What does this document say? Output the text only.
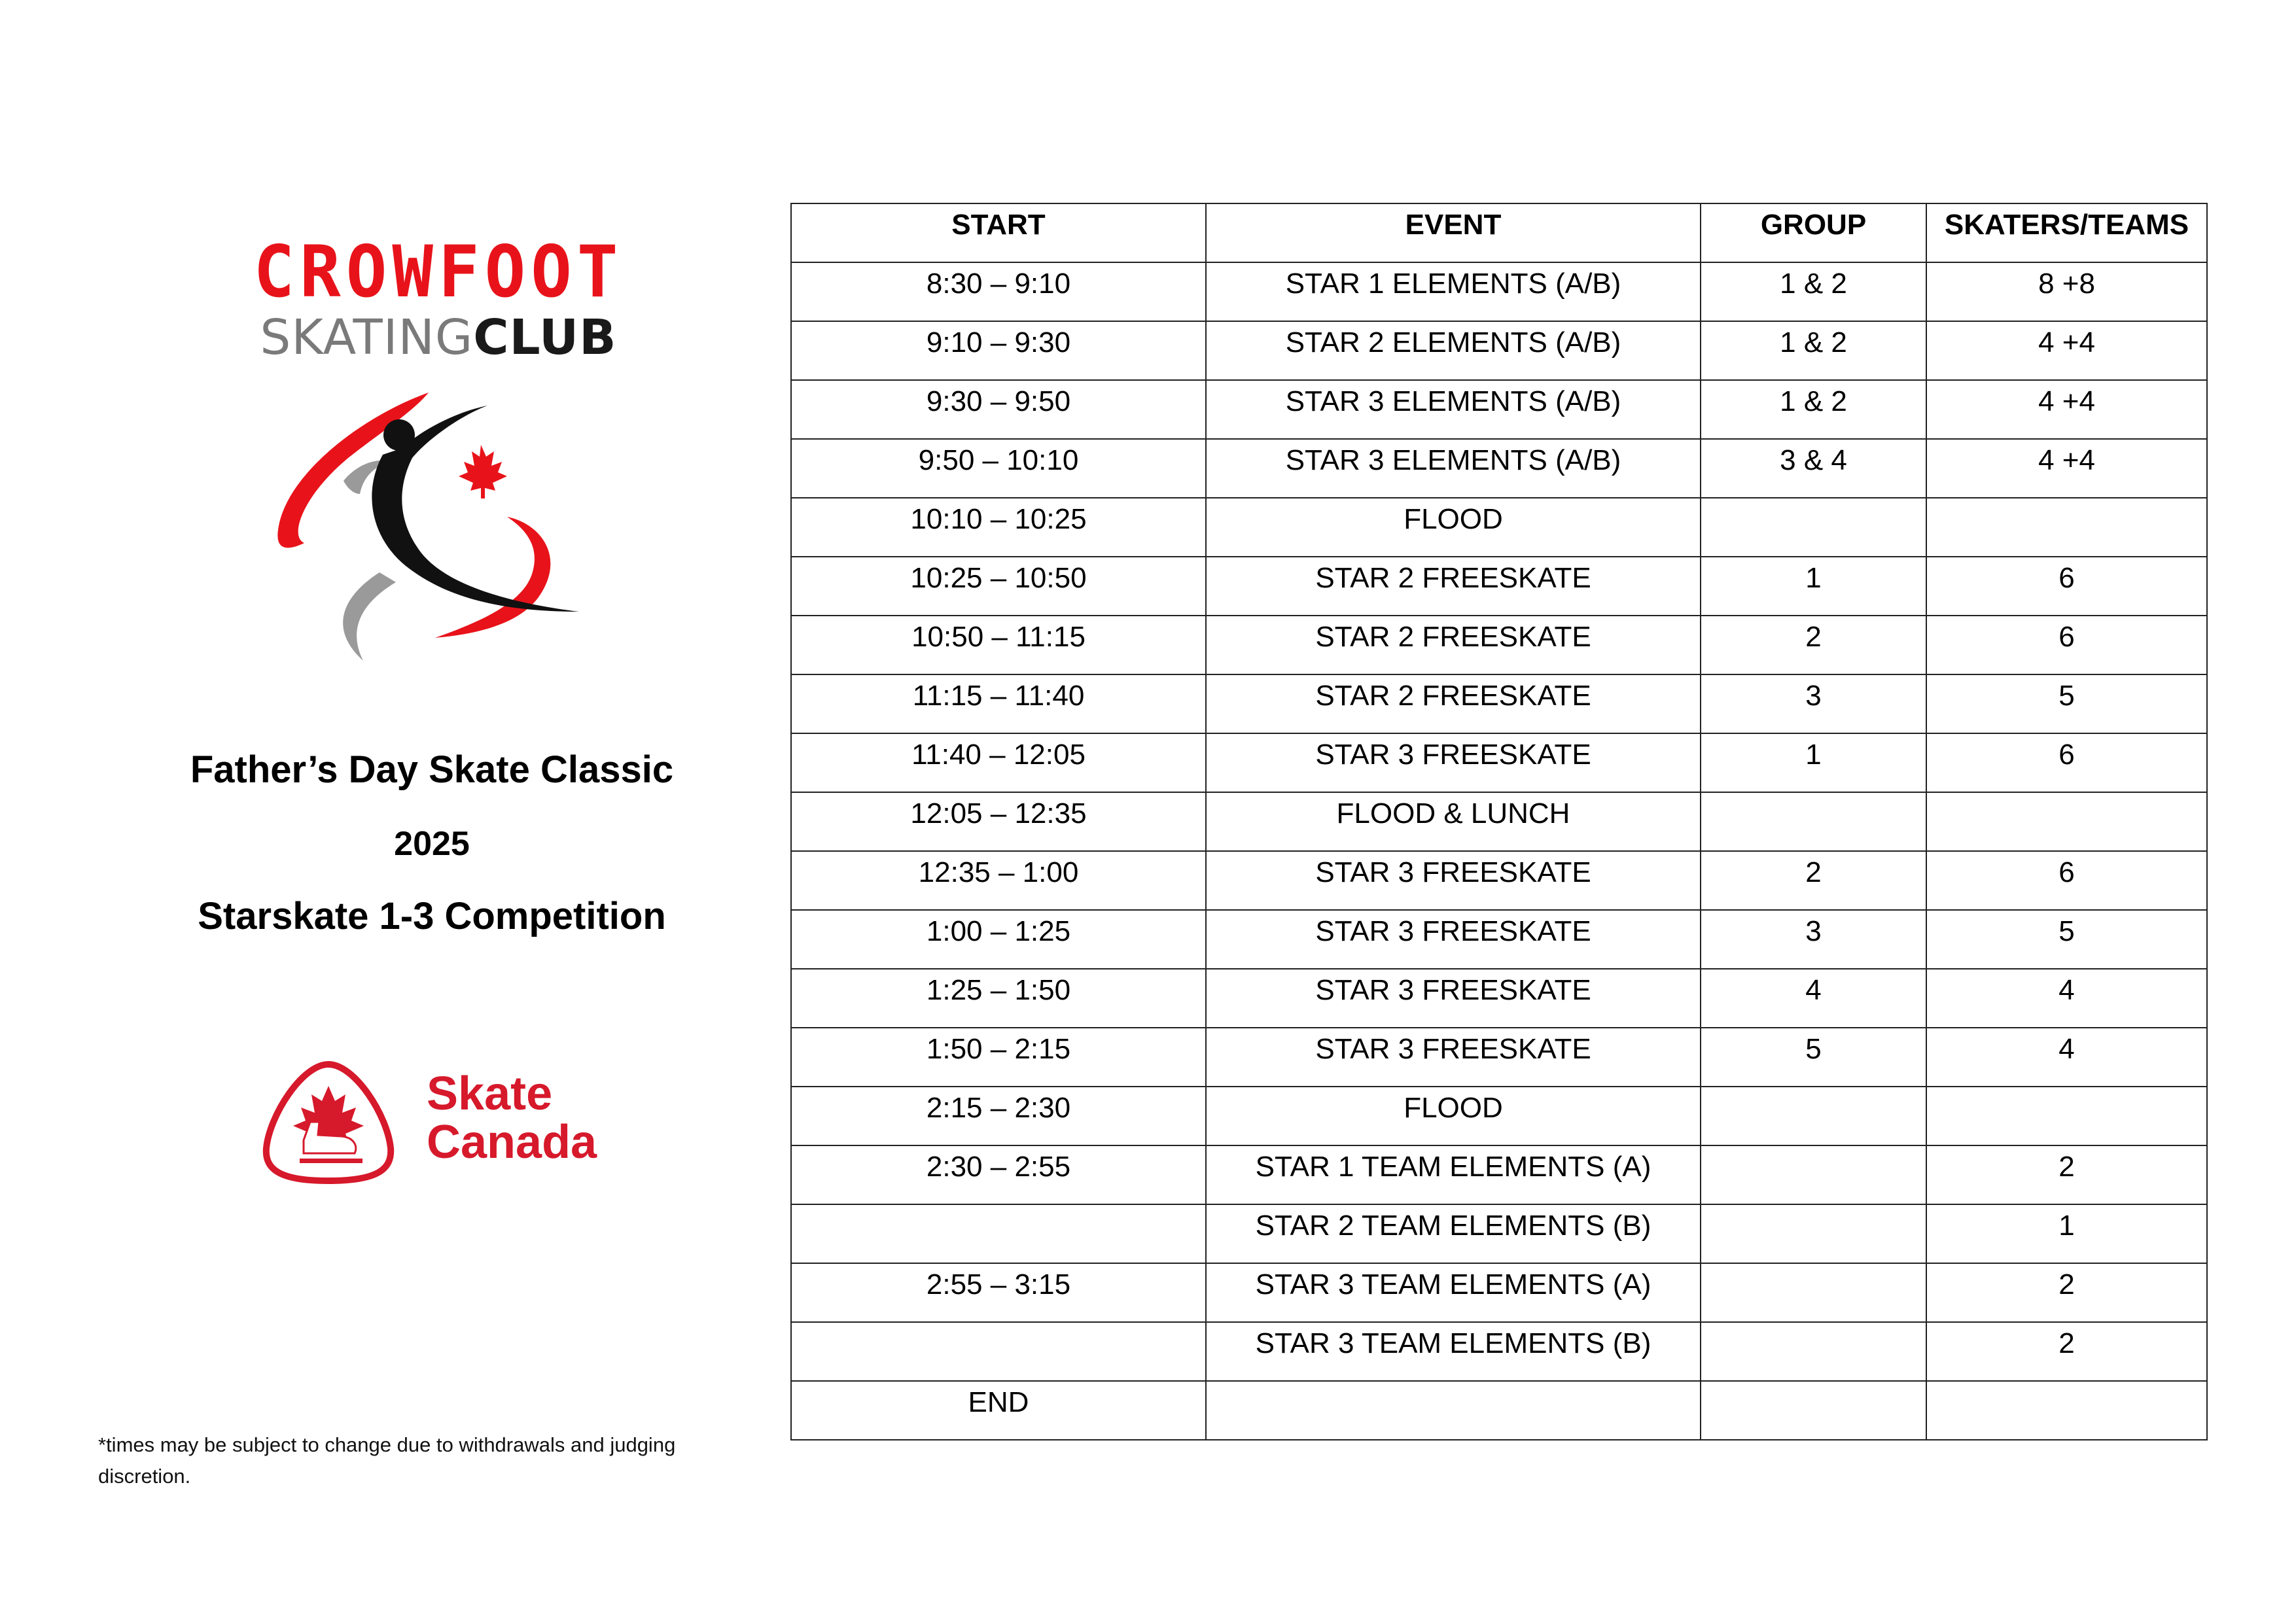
CROWFOOT
SKATINGCLUB
Father’s Day Skate Classic
2025
Starskate 1-3 Competition
Skate
Canada
*times may be subject to change due to withdrawals and judging discretion.
START	EVENT	GROUP	SKATERS/TEAMS
8:30 – 9:10	STAR 1 ELEMENTS (A/B)	1 & 2	8 +8
9:10 – 9:30	STAR 2 ELEMENTS (A/B)	1 & 2	4 +4
9:30 – 9:50	STAR 3 ELEMENTS (A/B)	1 & 2	4 +4
9:50 – 10:10	STAR 3 ELEMENTS (A/B)	3 & 4	4 +4
10:10 – 10:25	FLOOD		
10:25 – 10:50	STAR 2 FREESKATE	1	6
10:50 – 11:15	STAR 2 FREESKATE	2	6
11:15 – 11:40	STAR 2 FREESKATE	3	5
11:40 – 12:05	STAR 3 FREESKATE	1	6
12:05 – 12:35	FLOOD & LUNCH		
12:35 – 1:00	STAR 3 FREESKATE	2	6
1:00 – 1:25	STAR 3 FREESKATE	3	5
1:25 – 1:50	STAR 3 FREESKATE	4	4
1:50 – 2:15	STAR 3 FREESKATE	5	4
2:15 – 2:30	FLOOD		
2:30 – 2:55	STAR 1 TEAM ELEMENTS (A)		2
	STAR 2 TEAM ELEMENTS (B)		1
2:55 – 3:15	STAR 3 TEAM ELEMENTS (A)		2
	STAR 3 TEAM ELEMENTS (B)		2
END			
